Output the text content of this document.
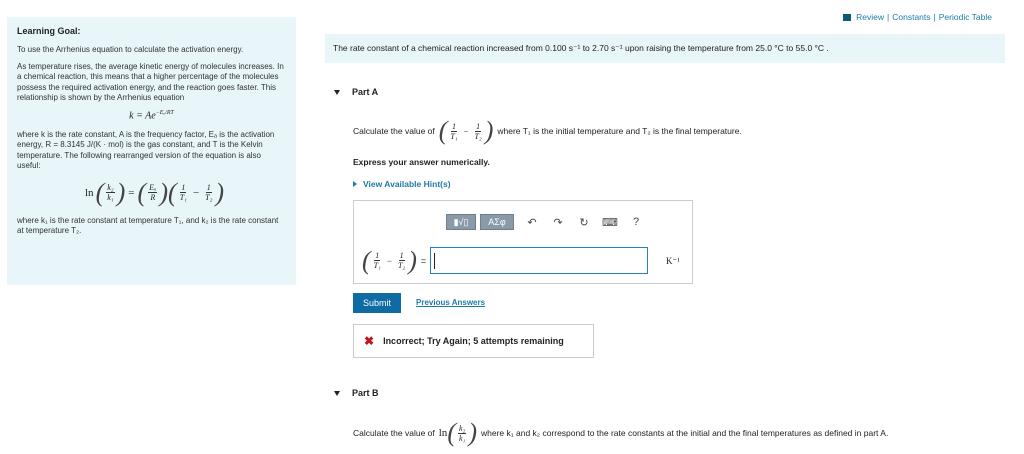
Learning Goal:

To use the Arrhenius equation to calculate the activation energy.

As temperature rises, the average kinetic energy of molecules increases. In a chemical reaction, this means that a higher percentage of the molecules possess the required activation energy, and the reaction goes faster. This relationship is shown by the Arrhenius equation

$k = Ae^{-E_a/RT}$

where k is the rate constant, A is the frequency factor, Eₐ is the activation energy, R = 8.3145 J/(K · mol) is the gas constant, and T is the Kelvin temperature. The following rearranged version of the equation is also useful:

ln ( $\frac{\text{k₂}}{\text{k₁}}$ ) = ( $\frac{\text{Eₐ}}{R}$ ) ( $\frac{1}{\text{T₁}} - \frac{1}{\text{T₂}}$ )

where k₁ is the rate constant at temperature T₁, and k₂ is the rate constant at temperature T₂.

Review | Constants | Periodic Table
The rate constant of a chemical reaction increased from 0.100 s⁻¹ to 2.70 s⁻¹ upon raising the temperature from 25.0 °C to 55.0 °C .
Part A
Calculate the value of ( $\frac{1}{\text{T₁}} - \frac{1}{\text{T₂}}$ ) where T₁ is the initial temperature and T₂ is the final temperature.
Express your answer numerically.
View Available Hint(s)
▮√▯	ΑΣφ	↶	↷	↻	⌨	?
( $\frac{1}{\text{T₁}} - \frac{1}{\text{T₂}}$ ) =	K⁻¹
Submit	Previous Answers
✖ Incorrect; Try Again; 5 attempts remaining
Part B
Calculate the value of ln ( $\frac{\text{k₂}}{\text{k₁}}$ ) where k₁ and k₂ correspond to the rate constants at the initial and the final temperatures as defined in part A.
